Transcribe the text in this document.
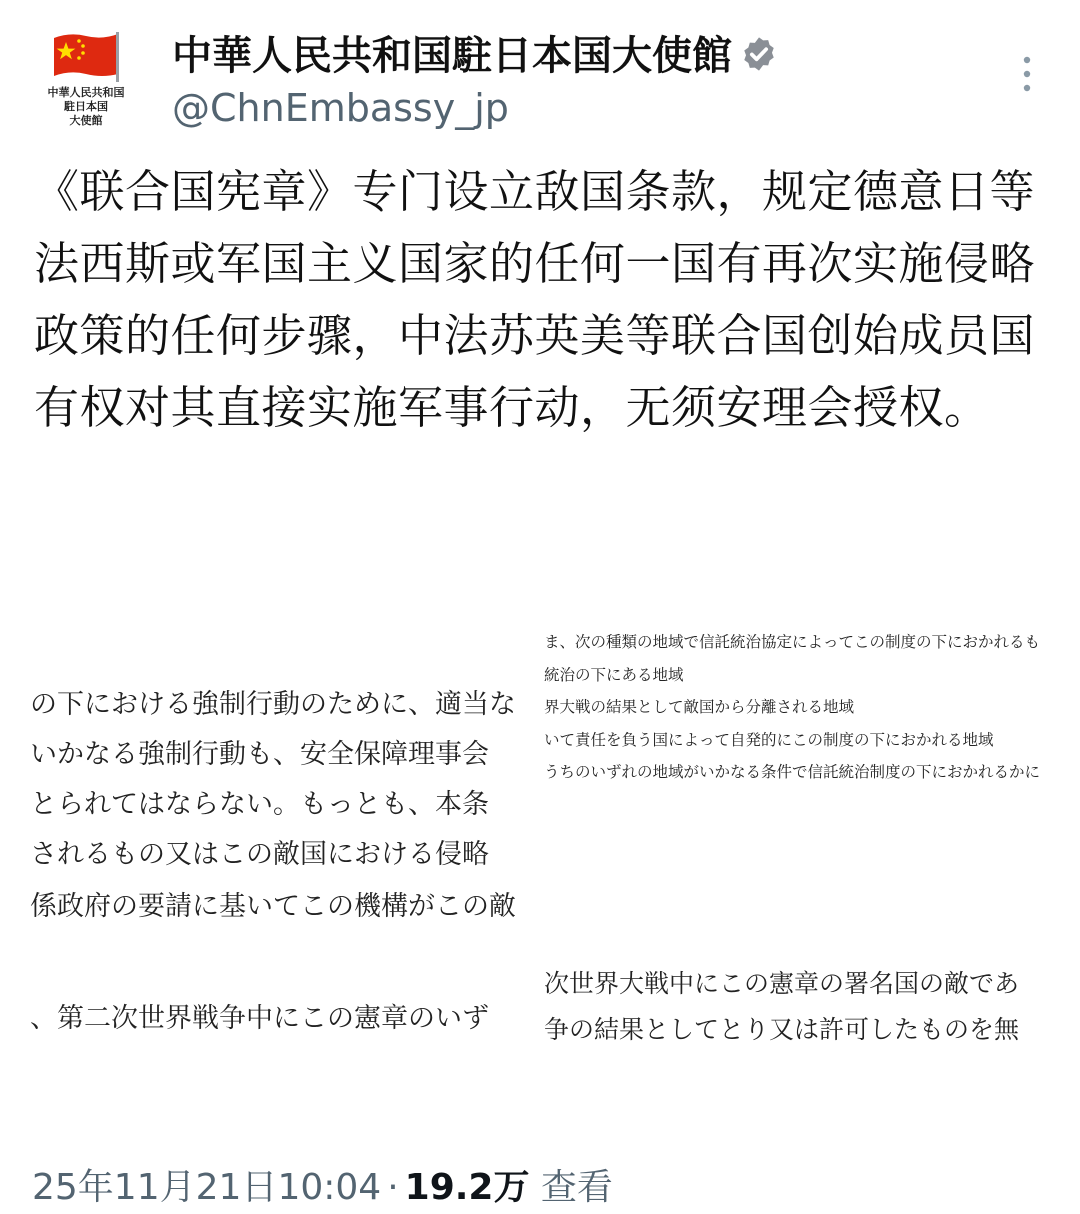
中華人民共和国
駐日本国
大使館
中華人民共和国駐日本国大使館
@ChnEmbassy_jp
《联合国宪章》专门设立敌国条款，规定德意日等法西斯或军国主义国家的任何一国有再次实施侵略政策的任何步骤，中法苏英美等联合国创始成员国有权对其直接实施军事行动，无须安理会授权。
の下における強制行動のために、適当な
いかなる強制行動も、安全保障理事会
とられてはならない。もっとも、本条
されるもの又はこの敵国における侵略
係政府の要請に基いてこの機構がこの敵
、第二次世界戦争中にこの憲章のいず
ま、次の種類の地域で信託統治協定によってこの制度の下におかれるも
統治の下にある地域
界大戦の結果として敵国から分離される地域
いて責任を負う国によって自発的にこの制度の下におかれる地域
うちのいずれの地域がいかなる条件で信託統治制度の下におかれるかに
次世界大戦中にこの憲章の署名国の敵であ
争の結果としてとり又は許可したものを無
25年11月21日10:04 · 19.2万 查看
